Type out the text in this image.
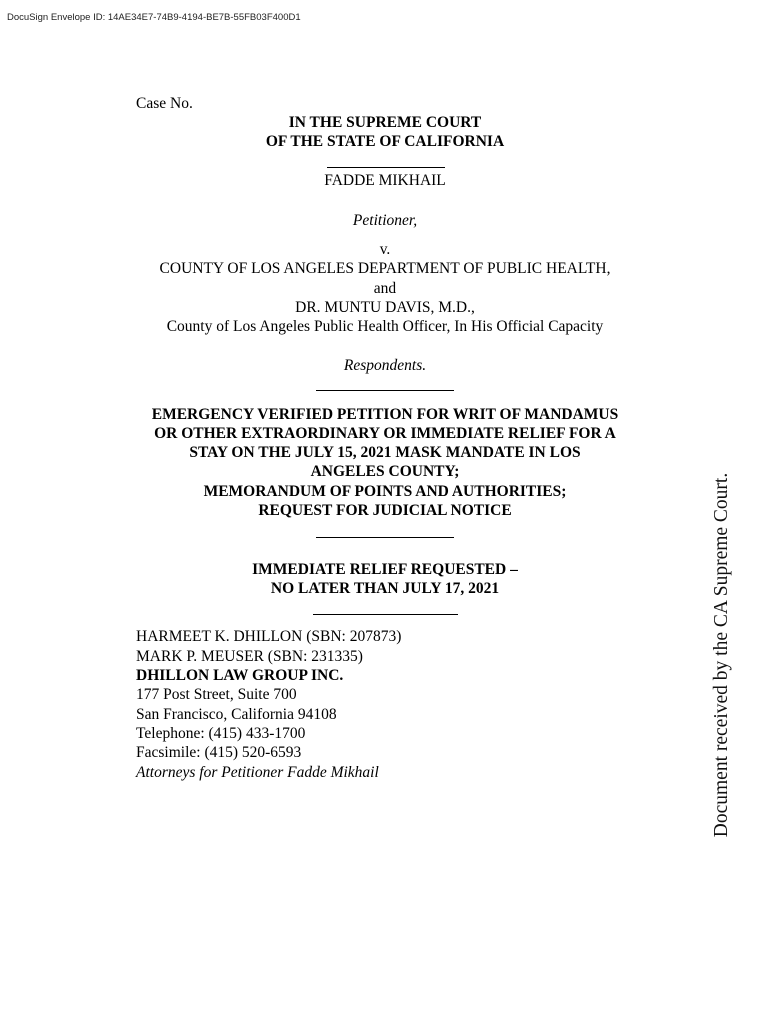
DocuSign Envelope ID: 14AE34E7-74B9-4194-BE7B-55FB03F400D1
Case No.
IN THE SUPREME COURT
OF THE STATE OF CALIFORNIA
FADDE MIKHAIL
Petitioner,
v.
COUNTY OF LOS ANGELES DEPARTMENT OF PUBLIC HEALTH,
and
DR. MUNTU DAVIS, M.D.,
County of Los Angeles Public Health Officer, In His Official Capacity
Respondents.
EMERGENCY VERIFIED PETITION FOR WRIT OF MANDAMUS
OR OTHER EXTRAORDINARY OR IMMEDIATE RELIEF FOR A
STAY ON THE JULY 15, 2021 MASK MANDATE IN LOS
ANGELES COUNTY;
MEMORANDUM OF POINTS AND AUTHORITIES;
REQUEST FOR JUDICIAL NOTICE
IMMEDIATE RELIEF REQUESTED –
NO LATER THAN JULY 17, 2021
HARMEET K. DHILLON (SBN: 207873)
MARK P. MEUSER (SBN: 231335)
DHILLON LAW GROUP INC.
177 Post Street, Suite 700
San Francisco, California 94108
Telephone: (415) 433-1700
Facsimile: (415) 520-6593
Attorneys for Petitioner Fadde Mikhail	Document received by the CA Supreme Court.
